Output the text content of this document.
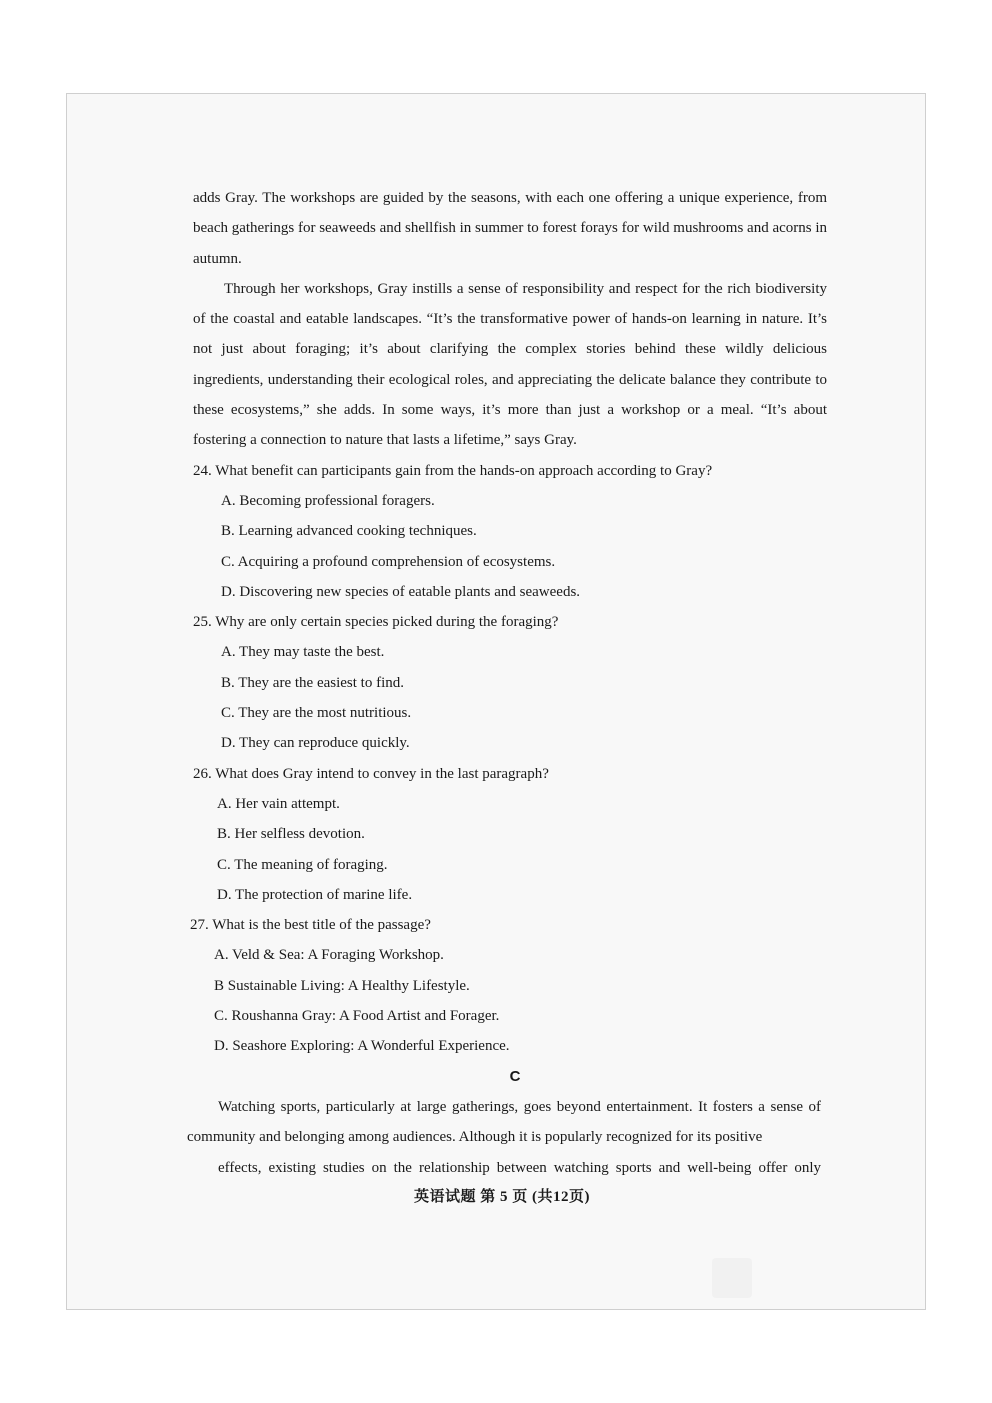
adds Gray. The workshops are guided by the seasons, with each one offering a unique experience, from beach gatherings for seaweeds and shellfish in summer to forest forays for wild mushrooms and acorns in autumn.

Through her workshops, Gray instills a sense of responsibility and respect for the rich biodiversity of the coastal and eatable landscapes. “It’s the transformative power of hands-on learning in nature. It’s not just about foraging; it’s about clarifying the complex stories behind these wildly delicious ingredients, understanding their ecological roles, and appreciating the delicate balance they contribute to these ecosystems,” she adds. In some ways, it’s more than just a workshop or a meal. “It’s about fostering a connection to nature that lasts a lifetime,” says Gray.

24. What benefit can participants gain from the hands-on approach according to Gray?

A. Becoming professional foragers.

B. Learning advanced cooking techniques.

C. Acquiring a profound comprehension of ecosystems.

D. Discovering new species of eatable plants and seaweeds.

25. Why are only certain species picked during the foraging?

A. They may taste the best.

B. They are the easiest to find.

C. They are the most nutritious.

D. They can reproduce quickly.

26. What does Gray intend to convey in the last paragraph?

A. Her vain attempt.

B. Her selfless devotion.

C. The meaning of foraging.

D. The protection of marine life.

27. What is the best title of the passage?

A. Veld & Sea: A Foraging Workshop.

B Sustainable Living: A Healthy Lifestyle.

C. Roushanna Gray: A Food Artist and Forager.

D. Seashore Exploring: A Wonderful Experience.

C

Watching sports, particularly at large gatherings, goes beyond entertainment. It fosters a sense of community and belonging among audiences. Although it is popularly recognized for its positive
effects, existing studies on the relationship between watching sports and well-being offer only

英语试题 第 5 页 (共12页)
